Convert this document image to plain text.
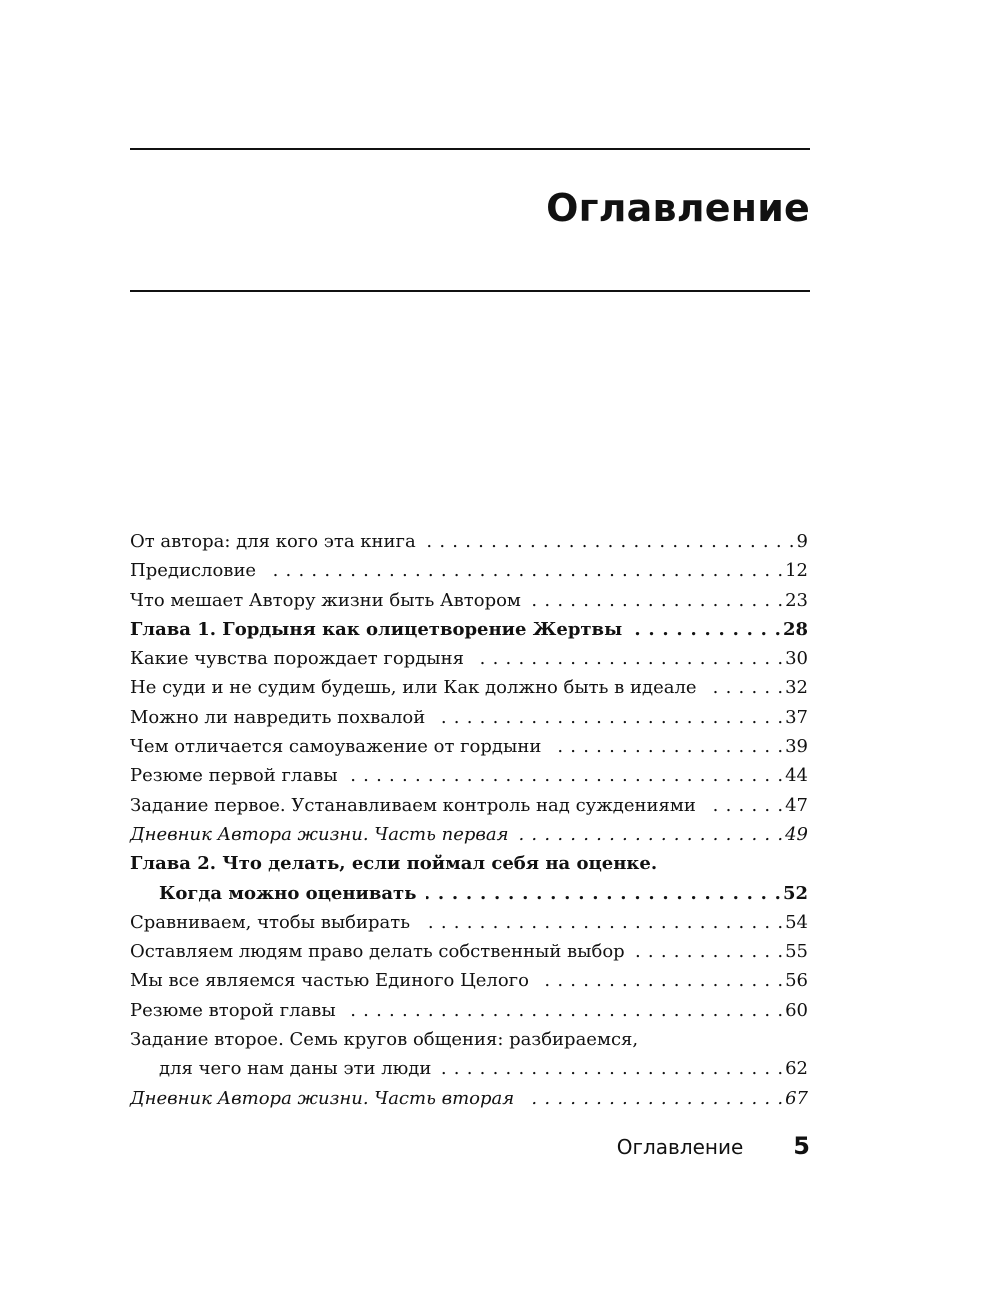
Оглавление
От автора: для кого эта книга . . .	9
Предисловие . . .	12
Что мешает Автору жизни быть Автором . . .	23
Глава 1. Гордыня как олицетворение Жертвы . . .	28
Какие чувства порождает гордыня . . .	30
Не суди и не судим будешь, или Как должно быть в идеале . . .	32
Можно ли навредить похвалой . . .	37
Чем отличается самоуважение от гордыни . . .	39
Резюме первой главы . . .	44
Задание первое. Устанавливаем контроль над суждениями . . .	47
Дневник Автора жизни. Часть первая . . .	49
Глава 2. Что делать, если поймал себя на оценке.
Когда можно оценивать . . .	52
Сравниваем, чтобы выбирать . . .	54
Оставляем людям право делать собственный выбор . . .	55
Мы все являемся частью Единого Целого . . .	56
Резюме второй главы . . .	60
Задание второе. Семь кругов общения: разбираемся,
для чего нам даны эти люди . . .	62
Дневник Автора жизни. Часть вторая . . .	67
Оглавление 5
